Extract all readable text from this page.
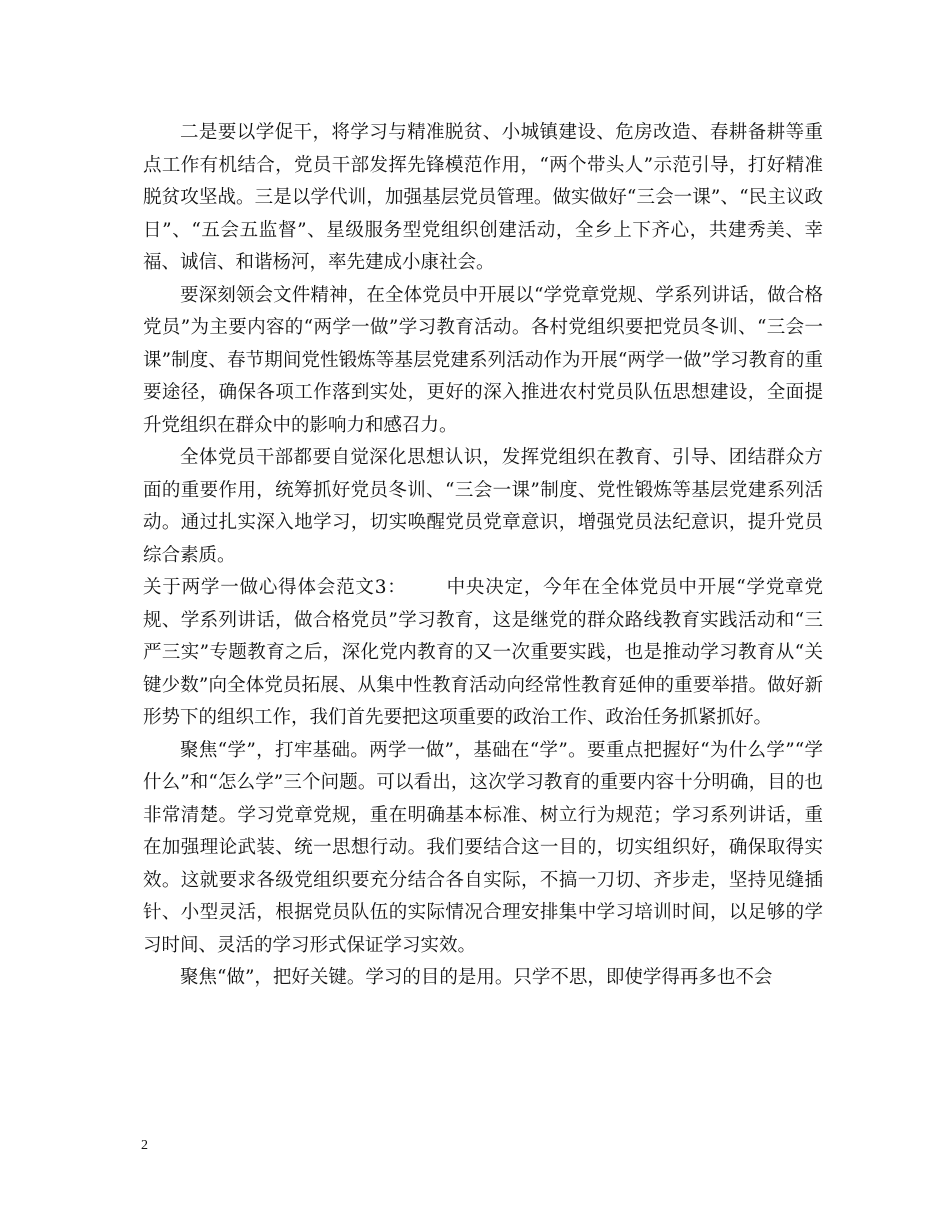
二是要以学促干，将学习与精准脱贫、小城镇建设、危房改造、春耕备耕等重点工作有机结合，党员干部发挥先锋模范作用，“两个带头人”示范引导，打好精准脱贫攻坚战。三是以学代训，加强基层党员管理。做实做好“三会一课”、“民主议政日”、“五会五监督”、星级服务型党组织创建活动，全乡上下齐心，共建秀美、幸福、诚信、和谐杨河，率先建成小康社会。

要深刻领会文件精神，在全体党员中开展以“学党章党规、学系列讲话，做合格党员”为主要内容的“两学一做”学习教育活动。各村党组织要把党员冬训、“三会一课”制度、春节期间党性锻炼等基层党建系列活动作为开展“两学一做”学习教育的重要途径，确保各项工作落到实处，更好的深入推进农村党员队伍思想建设，全面提升党组织在群众中的影响力和感召力。

全体党员干部都要自觉深化思想认识，发挥党组织在教育、引导、团结群众方面的重要作用，统筹抓好党员冬训、“三会一课”制度、党性锻炼等基层党建系列活动。通过扎实深入地学习，切实唤醒党员党章意识，增强党员法纪意识，提升党员综合素质。

关于两学一做心得体会范文3： 中央决定，今年在全体党员中开展“学党章党规、学系列讲话，做合格党员”学习教育，这是继党的群众路线教育实践活动和“三严三实”专题教育之后，深化党内教育的又一次重要实践，也是推动学习教育从“关键少数”向全体党员拓展、从集中性教育活动向经常性教育延伸的重要举措。做好新形势下的组织工作，我们首先要把这项重要的政治工作、政治任务抓紧抓好。

聚焦“学”，打牢基础。两学一做”，基础在“学”。要重点把握好“为什么学”“学什么”和“怎么学”三个问题。可以看出，这次学习教育的重要内容十分明确，目的也非常清楚。学习党章党规，重在明确基本标准、树立行为规范；学习系列讲话，重在加强理论武装、统一思想行动。我们要结合这一目的，切实组织好，确保取得实效。这就要求各级党组织要充分结合各自实际，不搞一刀切、齐步走，坚持见缝插针、小型灵活，根据党员队伍的实际情况合理安排集中学习培训时间，以足够的学习时间、灵活的学习形式保证学习实效。

聚焦“做”，把好关键。学习的目的是用。只学不思，即使学得再多也不会

2
